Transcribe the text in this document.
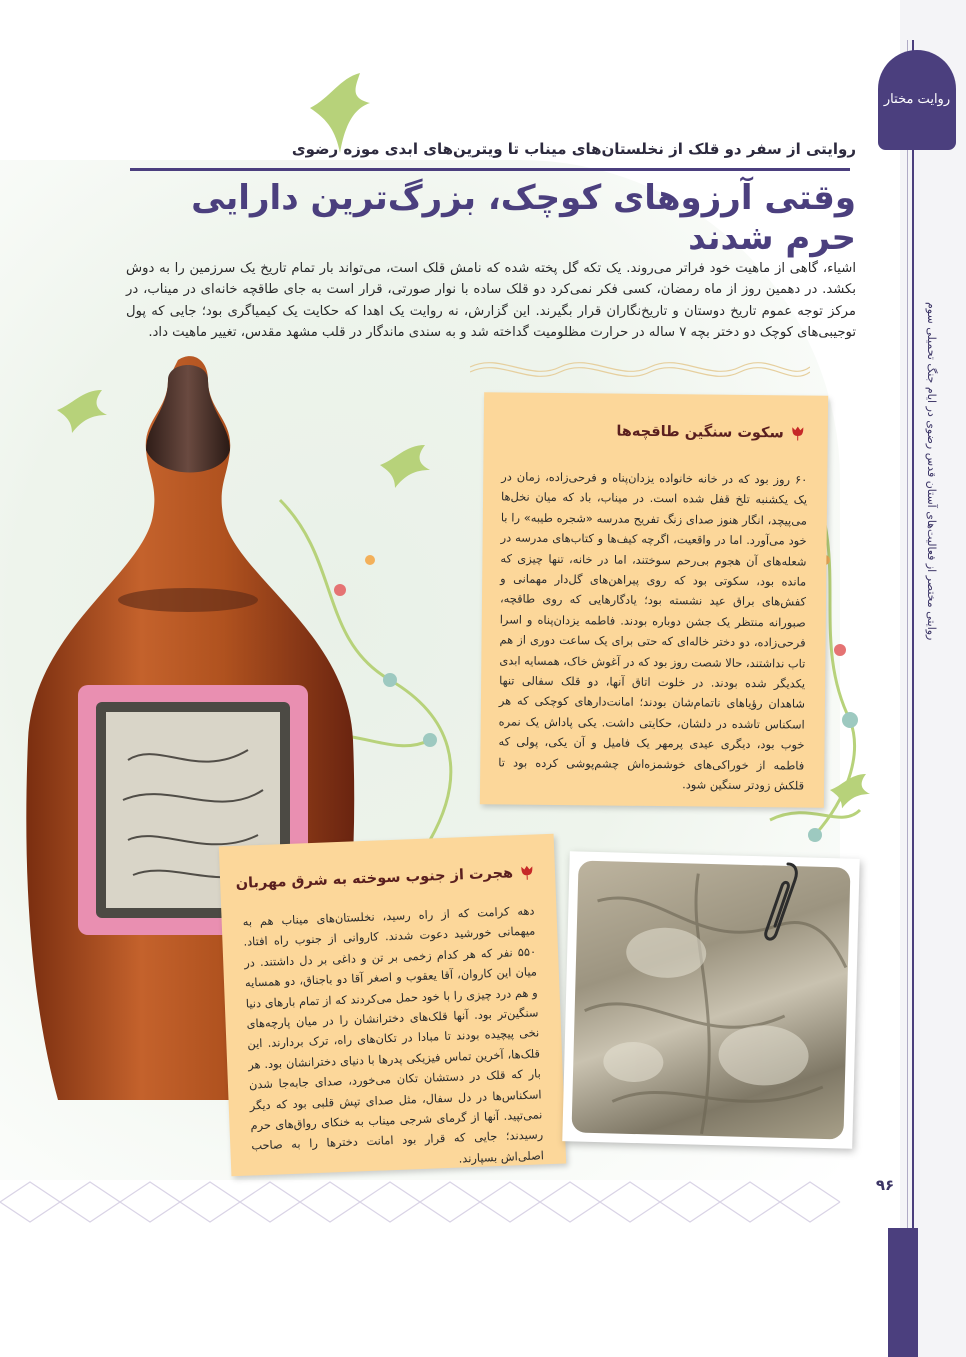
روایت مختار
روایتی مختصر از فعالیت‌های آستان قدس رضوی در ایام جنگ تحمیلی سوم
۹۶
روایتی از سفر دو قلک از نخلستان‌های میناب تا ویترین‌های ابدی موزه رضوی
وقتی آرزوهای کوچک، بزرگ‌ترین دارایی حرم شدند
اشیاء، گاهی از ماهیت خود فراتر می‌روند. یک تکه گل پخته شده که نامش قلک است، می‌تواند بار تمام تاریخ یک سرزمین را به دوش بکشد. در دهمین روز از ماه رمضان، کسی فکر نمی‌کرد دو قلک ساده با نوار صورتی، قرار است به جای طاقچه خانه‌ای در میناب، در مرکز توجه عموم تاریخ دوستان و تاریخ‌نگاران قرار بگیرند. این گزارش، نه روایت یک اهدا که حکایت یک کیمیاگری بود؛ جایی که پول توجیبی‌های کوچک دو دختر بچه ۷ ساله در حرارت مظلومیت گداخته شد و به سندی ماندگار در قلب مشهد مقدس، تغییر ماهیت داد.
سکوت سنگین طاقچه‌ها

۶۰ روز بود که در خانه خانواده یزدان‌پناه و فرحی‌زاده، زمان در یک یکشنبه تلخ قفل شده است. در میناب، باد که میان نخل‌ها می‌پیچد، انگار هنوز صدای زنگ تفریح مدرسه «شجره طیبه» را با خود می‌آورد. اما در واقعیت، اگرچه کیف‌ها و کتاب‌های مدرسه در شعله‌های آن هجوم بی‌رحم سوختند، اما در خانه، تنها چیزی که مانده بود، سکوتی بود که روی پیراهن‌های گل‌دار مهمانی و کفش‌های براق عید نشسته بود؛ یادگارهایی که روی طاقچه، صبورانه منتظر یک جشن دوباره بودند. فاطمه یزدان‌پناه و اسرا فرحی‌زاده، دو دختر خاله‌ای که حتی برای یک ساعت دوری از هم تاب نداشتند، حالا شصت روز بود که در آغوش خاک، همسایه ابدی یکدیگر شده بودند. در خلوت اتاق آنها، دو قلک سفالی تنها شاهدان رؤیاهای ناتمام‌شان بودند؛ امانت‌دارهای کوچکی که هر اسکناس تاشده در دلشان، حکایتی داشت. یکی پاداش یک نمره خوب بود، دیگری عیدی پرمهر یک فامیل و آن یکی، پولی که فاطمه از خوراکی‌های خوشمزه‌اش چشم‌پوشی کرده بود تا قلکش زودتر سنگین شود.

هجرت از جنوب سوخته به شرق مهربان

دهه کرامت که از راه رسید، نخلستان‌های میناب هم به میهمانی خورشید دعوت شدند. کاروانی از جنوب راه افتاد. ۵۵۰ نفر که هر کدام زخمی بر تن و داغی بر دل داشتند. در میان این کاروان، آقا یعقوب و اصغر آقا دو باجناق، دو همسایه و هم درد چیزی را با خود حمل می‌کردند که از تمام بارهای دنیا سنگین‌تر بود. آنها قلک‌های دخترانشان را در میان پارچه‌های نخی پیچیده بودند تا مبادا در تکان‌های راه، ترک بردارند. این قلک‌ها، آخرین تماس فیزیکی پدرها با دنیای دخترانشان بود. هر بار که قلک در دستشان تکان می‌خورد، صدای جابه‌جا شدن اسکناس‌ها در دل سفال، مثل صدای تپش قلبی بود که دیگر نمی‌تپید. آنها از گرمای شرجی میناب به خنکای رواق‌های حرم رسیدند؛ جایی که قرار بود امانت دخترها را به صاحب اصلی‌اش بسپارند.
